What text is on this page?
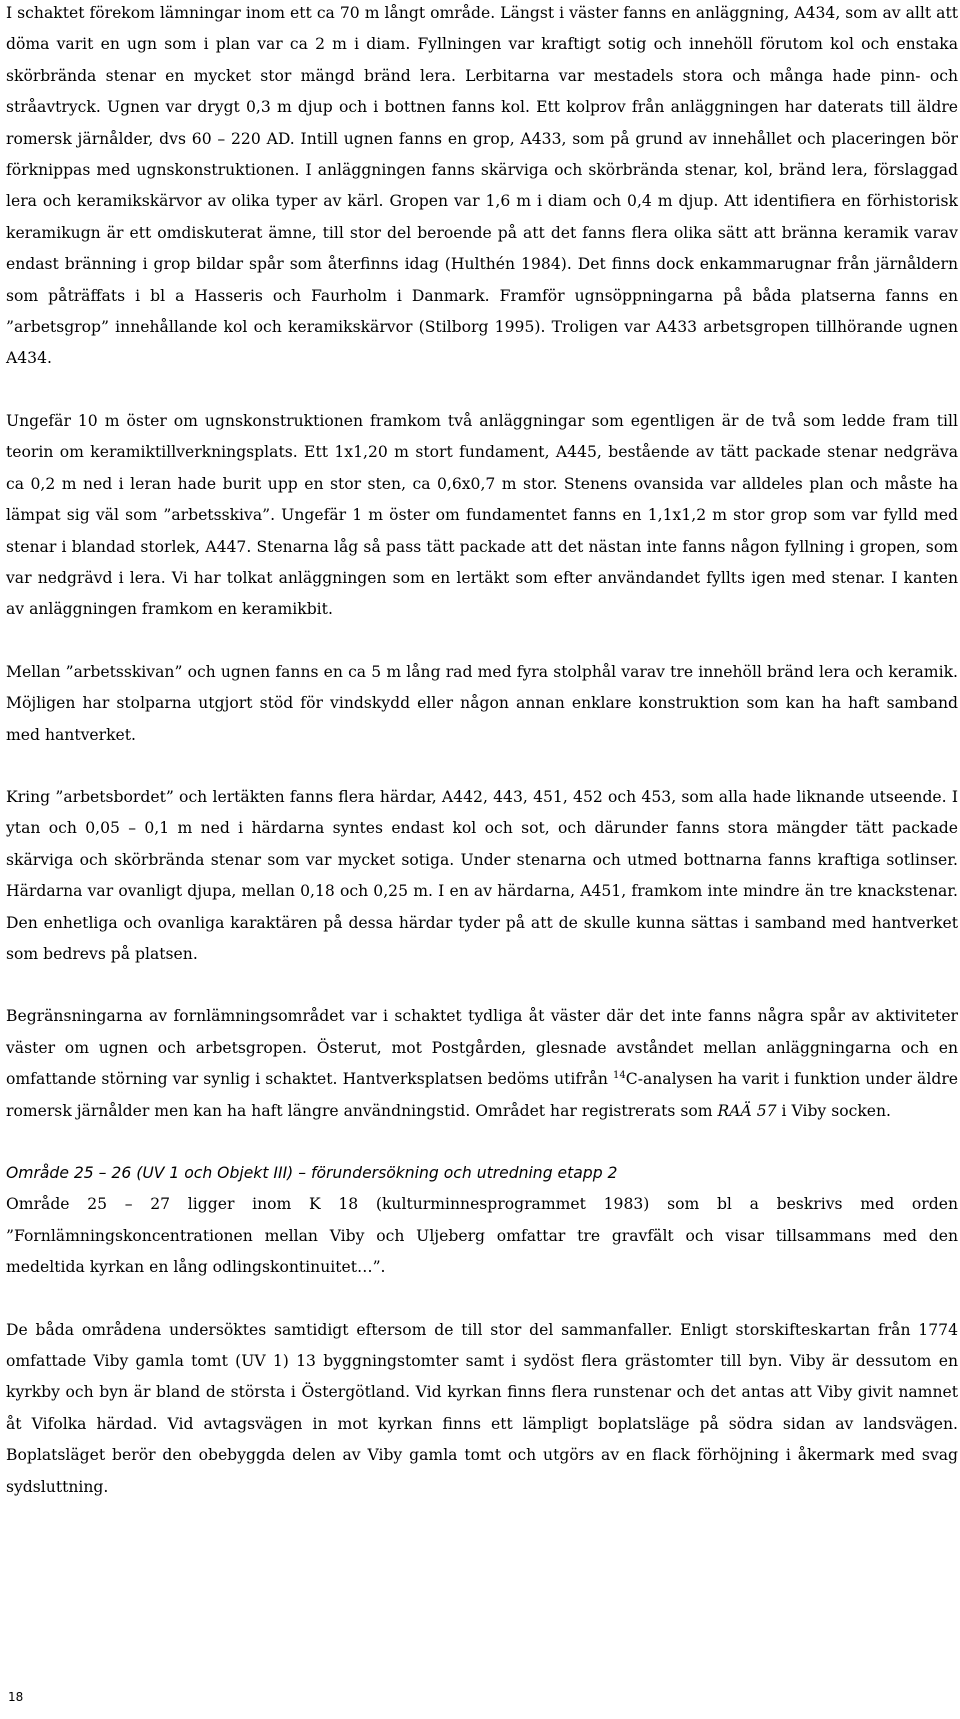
I schaktet förekom lämningar inom ett ca 70 m långt område. Längst i väster fanns en anläggning, A434, som av allt att döma varit en ugn som i plan var ca 2 m i diam. Fyllningen var kraftigt sotig och innehöll förutom kol och enstaka skörbrända stenar en mycket stor mängd bränd lera. Lerbitarna var mestadels stora och många hade pinn- och stråavtryck. Ugnen var drygt 0,3 m djup och i bottnen fanns kol. Ett kolprov från anläggningen har daterats till äldre romersk järnålder, dvs 60 – 220 AD. Intill ugnen fanns en grop, A433, som på grund av innehållet och placeringen bör förknippas med ugnskonstruktionen. I anläggningen fanns skärviga och skörbrända stenar, kol, bränd lera, förslaggad lera och keramikskärvor av olika typer av kärl. Gropen var 1,6 m i diam och 0,4 m djup. Att identifiera en förhistorisk keramikugn är ett omdiskuterat ämne, till stor del beroende på att det fanns flera olika sätt att bränna keramik varav endast bränning i grop bildar spår som återfinns idag (Hulthén 1984). Det finns dock enkammarugnar från järnåldern som påträffats i bl a Hasseris och Faurholm i Danmark. Framför ugnsöppningarna på båda platserna fanns en ”arbetsgrop” innehållande kol och keramikskärvor (Stilborg 1995). Troligen var A433 arbetsgropen tillhörande ugnen A434.

Ungefär 10 m öster om ugnskonstruktionen framkom två anläggningar som egentligen är de två som ledde fram till teorin om keramiktillverkningsplats. Ett 1x1,20 m stort fundament, A445, bestående av tätt packade stenar nedgräva ca 0,2 m ned i leran hade burit upp en stor sten, ca 0,6x0,7 m stor. Stenens ovansida var alldeles plan och måste ha lämpat sig väl som ”arbetsskiva”. Ungefär 1 m öster om fundamentet fanns en 1,1x1,2 m stor grop som var fylld med stenar i blandad storlek, A447. Stenarna låg så pass tätt packade att det nästan inte fanns någon fyllning i gropen, som var nedgrävd i lera. Vi har tolkat anläggningen som en lertäkt som efter användandet fyllts igen med stenar. I kanten av anläggningen framkom en keramikbit.

Mellan ”arbetsskivan” och ugnen fanns en ca 5 m lång rad med fyra stolphål varav tre innehöll bränd lera och keramik. Möjligen har stolparna utgjort stöd för vindskydd eller någon annan enklare konstruktion som kan ha haft samband med hantverket.

Kring ”arbetsbordet” och lertäkten fanns flera härdar, A442, 443, 451, 452 och 453, som alla hade liknande utseende. I ytan och 0,05 – 0,1 m ned i härdarna syntes endast kol och sot, och därunder fanns stora mängder tätt packade skärviga och skörbrända stenar som var mycket sotiga. Under stenarna och utmed bottnarna fanns kraftiga sotlinser. Härdarna var ovanligt djupa, mellan 0,18 och 0,25 m. I en av härdarna, A451, framkom inte mindre än tre knackstenar. Den enhetliga och ovanliga karaktären på dessa härdar tyder på att de skulle kunna sättas i samband med hantverket som bedrevs på platsen.

Begränsningarna av fornlämningsområdet var i schaktet tydliga åt väster där det inte fanns några spår av aktiviteter väster om ugnen och arbetsgropen. Österut, mot Postgården, glesnade avståndet mellan anläggningarna och en omfattande störning var synlig i schaktet. Hantverksplatsen bedöms utifrån $^{14}$C-analysen ha varit i funktion under äldre romersk järnålder men kan ha haft längre användningstid. Området har registrerats som RAÄ 57 i Viby socken.

Område 25 – 26 (UV 1 och Objekt III) – förundersökning och utredning etapp 2

Område 25 – 27 ligger inom K 18 (kulturminnesprogrammet 1983) som bl a beskrivs med orden ”Fornlämningskoncentrationen mellan Viby och Uljeberg omfattar tre gravfält och visar tillsammans med den medeltida kyrkan en lång odlingskontinuitet…”.

De båda områdena undersöktes samtidigt eftersom de till stor del sammanfaller. Enligt storskifteskartan från 1774 omfattade Viby gamla tomt (UV 1) 13 byggningstomter samt i sydöst flera grästomter till byn. Viby är dessutom en kyrkby och byn är bland de största i Östergötland. Vid kyrkan finns flera runstenar och det antas att Viby givit namnet åt Vifolka härdad. Vid avtagsvägen in mot kyrkan finns ett lämpligt boplatsläge på södra sidan av landsvägen. Boplatsläget berör den obebyggda delen av Viby gamla tomt och utgörs av en flack förhöjning i åkermark med svag sydsluttning.

18
